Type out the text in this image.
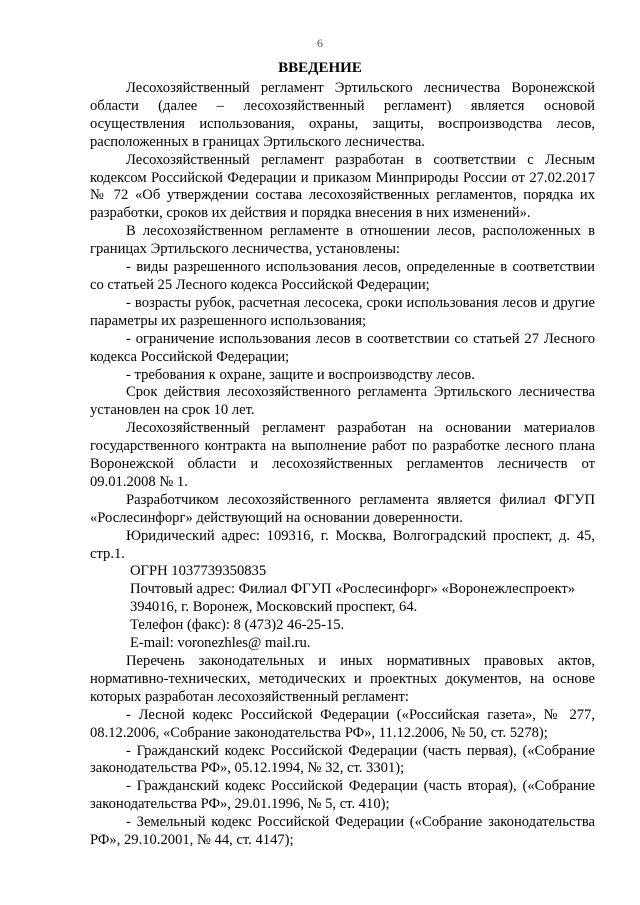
6
ВВЕДЕНИЕ

Лесохозяйственный регламент Эртильского лесничества Воронежской области (далее – лесохозяйственный регламент) является основой осуществления использования, охраны, защиты, воспроизводства лесов, расположенных в границах Эртильского лесничества.

Лесохозяйственный регламент разработан в соответствии с Лесным кодексом Российской Федерации и приказом Минприроды России от 27.02.2017 № 72 «Об утверждении состава лесохозяйственных регламентов, порядка их разработки, сроков их действия и порядка внесения в них изменений».

В лесохозяйственном регламенте в отношении лесов, расположенных в границах Эртильского лесничества, установлены:

- виды разрешенного использования лесов, определенные в соответствии со статьей 25 Лесного кодекса Российской Федерации;

- возрасты рубок, расчетная лесосека, сроки использования лесов и другие параметры их разрешенного использования;

- ограничение использования лесов в соответствии со статьей 27 Лесного кодекса Российской Федерации;

- требования к охране, защите и воспроизводству лесов.

Срок действия лесохозяйственного регламента Эртильского лесничества установлен на срок 10 лет.

Лесохозяйственный регламент разработан на основании материалов государственного контракта на выполнение работ по разработке лесного плана Воронежской области и лесохозяйственных регламентов лесничеств от 09.01.2008 № 1.

Разработчиком лесохозяйственного регламента является филиал ФГУП «Рослесинфорг» действующий на основании доверенности.

Юридический адрес: 109316, г. Москва, Волгоградский проспект, д. 45, стр.1.

ОГРН 1037739350835

Почтовый адрес: Филиал ФГУП «Рослесинфорг» «Воронежлеспроект»

394016, г. Воронеж, Московский проспект, 64.

Телефон (факс): 8 (473)2 46-25-15.

E-mail: voronezhles@ mail.ru.

Перечень законодательных и иных нормативных правовых актов, нормативно-технических, методических и проектных документов, на основе которых разработан лесохозяйственный регламент:

- Лесной кодекс Российской Федерации («Российская газета», № 277, 08.12.2006, «Собрание законодательства РФ», 11.12.2006, № 50, ст. 5278);

- Гражданский кодекс Российской Федерации (часть первая), («Собрание законодательства РФ», 05.12.1994, № 32, ст. 3301);

- Гражданский кодекс Российской Федерации (часть вторая), («Собрание законодательства РФ», 29.01.1996, № 5, ст. 410);

- Земельный кодекс Российской Федерации («Собрание законодательства РФ», 29.10.2001, № 44, ст. 4147);
